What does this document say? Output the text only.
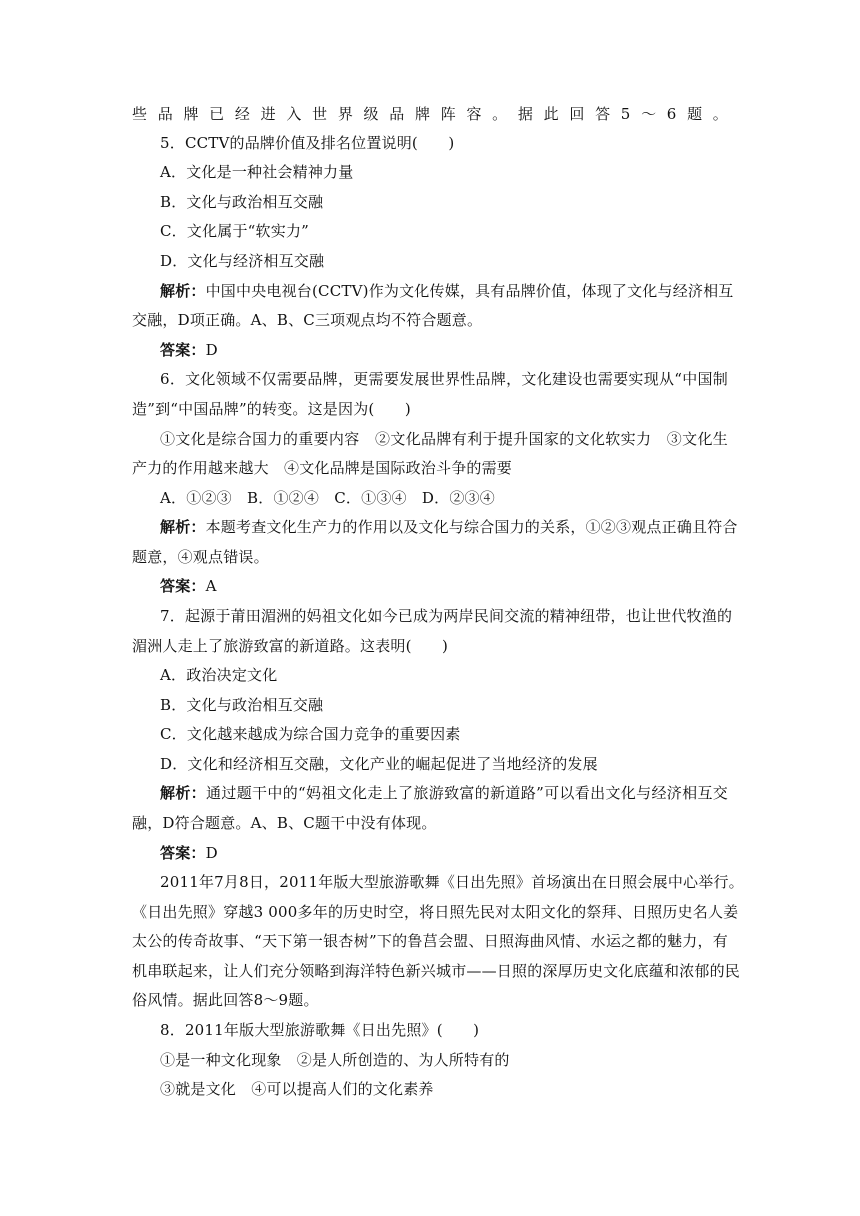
些品牌已经进入世界级品牌阵容。据此回答5～6题。
5．CCTV的品牌价值及排名位置说明(　　)
A．文化是一种社会精神力量
B．文化与政治相互交融
C．文化属于“软实力”
D．文化与经济相互交融
解析：中国中央电视台(CCTV)作为文化传媒，具有品牌价值，体现了文化与经济相互
交融，D项正确。A、B、C三项观点均不符合题意。
答案：D
6．文化领域不仅需要品牌，更需要发展世界性品牌，文化建设也需要实现从“中国制
造”到“中国品牌”的转变。这是因为(　　)
①文化是综合国力的重要内容　②文化品牌有利于提升国家的文化软实力　③文化生
产力的作用越来越大　④文化品牌是国际政治斗争的需要
A．①②③　B．①②④　C．①③④　D．②③④
解析：本题考查文化生产力的作用以及文化与综合国力的关系，①②③观点正确且符合
题意，④观点错误。
答案：A
7．起源于莆田湄洲的妈祖文化如今已成为两岸民间交流的精神纽带，也让世代牧渔的
湄洲人走上了旅游致富的新道路。这表明(　　)
A．政治决定文化
B．文化与政治相互交融
C．文化越来越成为综合国力竞争的重要因素
D．文化和经济相互交融，文化产业的崛起促进了当地经济的发展
解析：通过题干中的“妈祖文化走上了旅游致富的新道路”可以看出文化与经济相互交
融，D符合题意。A、B、C题干中没有体现。
答案：D
2011年7月8日，2011年版大型旅游歌舞《日出先照》首场演出在日照会展中心举行。
《日出先照》穿越3 000多年的历史时空，将日照先民对太阳文化的祭拜、日照历史名人姜
太公的传奇故事、“天下第一银杏树”下的鲁莒会盟、日照海曲风情、水运之都的魅力，有
机串联起来，让人们充分领略到海洋特色新兴城市——日照的深厚历史文化底蕴和浓郁的民
俗风情。据此回答8～9题。
8．2011年版大型旅游歌舞《日出先照》(　　)
①是一种文化现象　②是人所创造的、为人所特有的
③就是文化　④可以提高人们的文化素养
